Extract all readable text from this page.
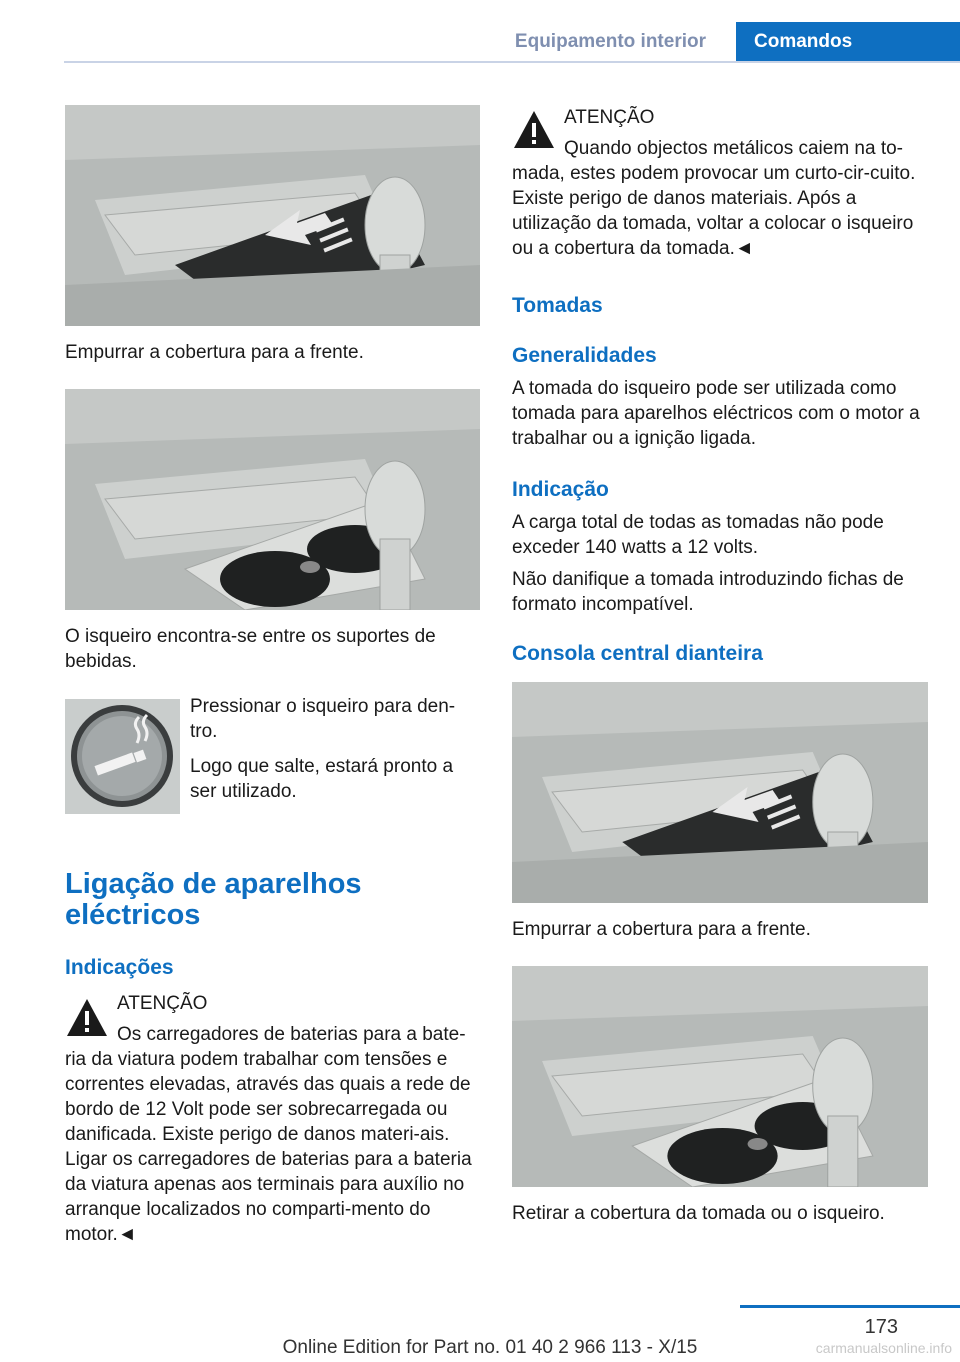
Equipamento interior	Comandos
Empurrar a cobertura para a frente.
O isqueiro encontra-se entre os suportes de bebidas.
Pressionar o isqueiro para den-tro.
Logo que salte, estará pronto a ser utilizado.
Ligação de aparelhos eléctricos
Indicações
ATENÇÃO
Os carregadores de baterias para a bate-ria da viatura podem trabalhar com tensões e correntes elevadas, através das quais a rede de bordo de 12 Volt pode ser sobrecarregada ou danificada. Existe perigo de danos materi-ais. Ligar os carregadores de baterias para a bateria da viatura apenas aos terminais para auxílio no arranque localizados no comparti-mento do motor.◄
ATENÇÃO
Quando objectos metálicos caiem na to-mada, estes podem provocar um curto-cir-cuito. Existe perigo de danos materiais. Após a utilização da tomada, voltar a colocar o isqueiro ou a cobertura da tomada.◄
Tomadas
Generalidades
A tomada do isqueiro pode ser utilizada como tomada para aparelhos eléctricos com o motor a trabalhar ou a ignição ligada.
Indicação
A carga total de todas as tomadas não pode exceder 140 watts a 12 volts.
Não danifique a tomada introduzindo fichas de formato incompatível.
Consola central dianteira
Empurrar a cobertura para a frente.
Retirar a cobertura da tomada ou o isqueiro.
173
Online Edition for Part no. 01 40 2 966 113 - X/15	carmanualsonline.info
